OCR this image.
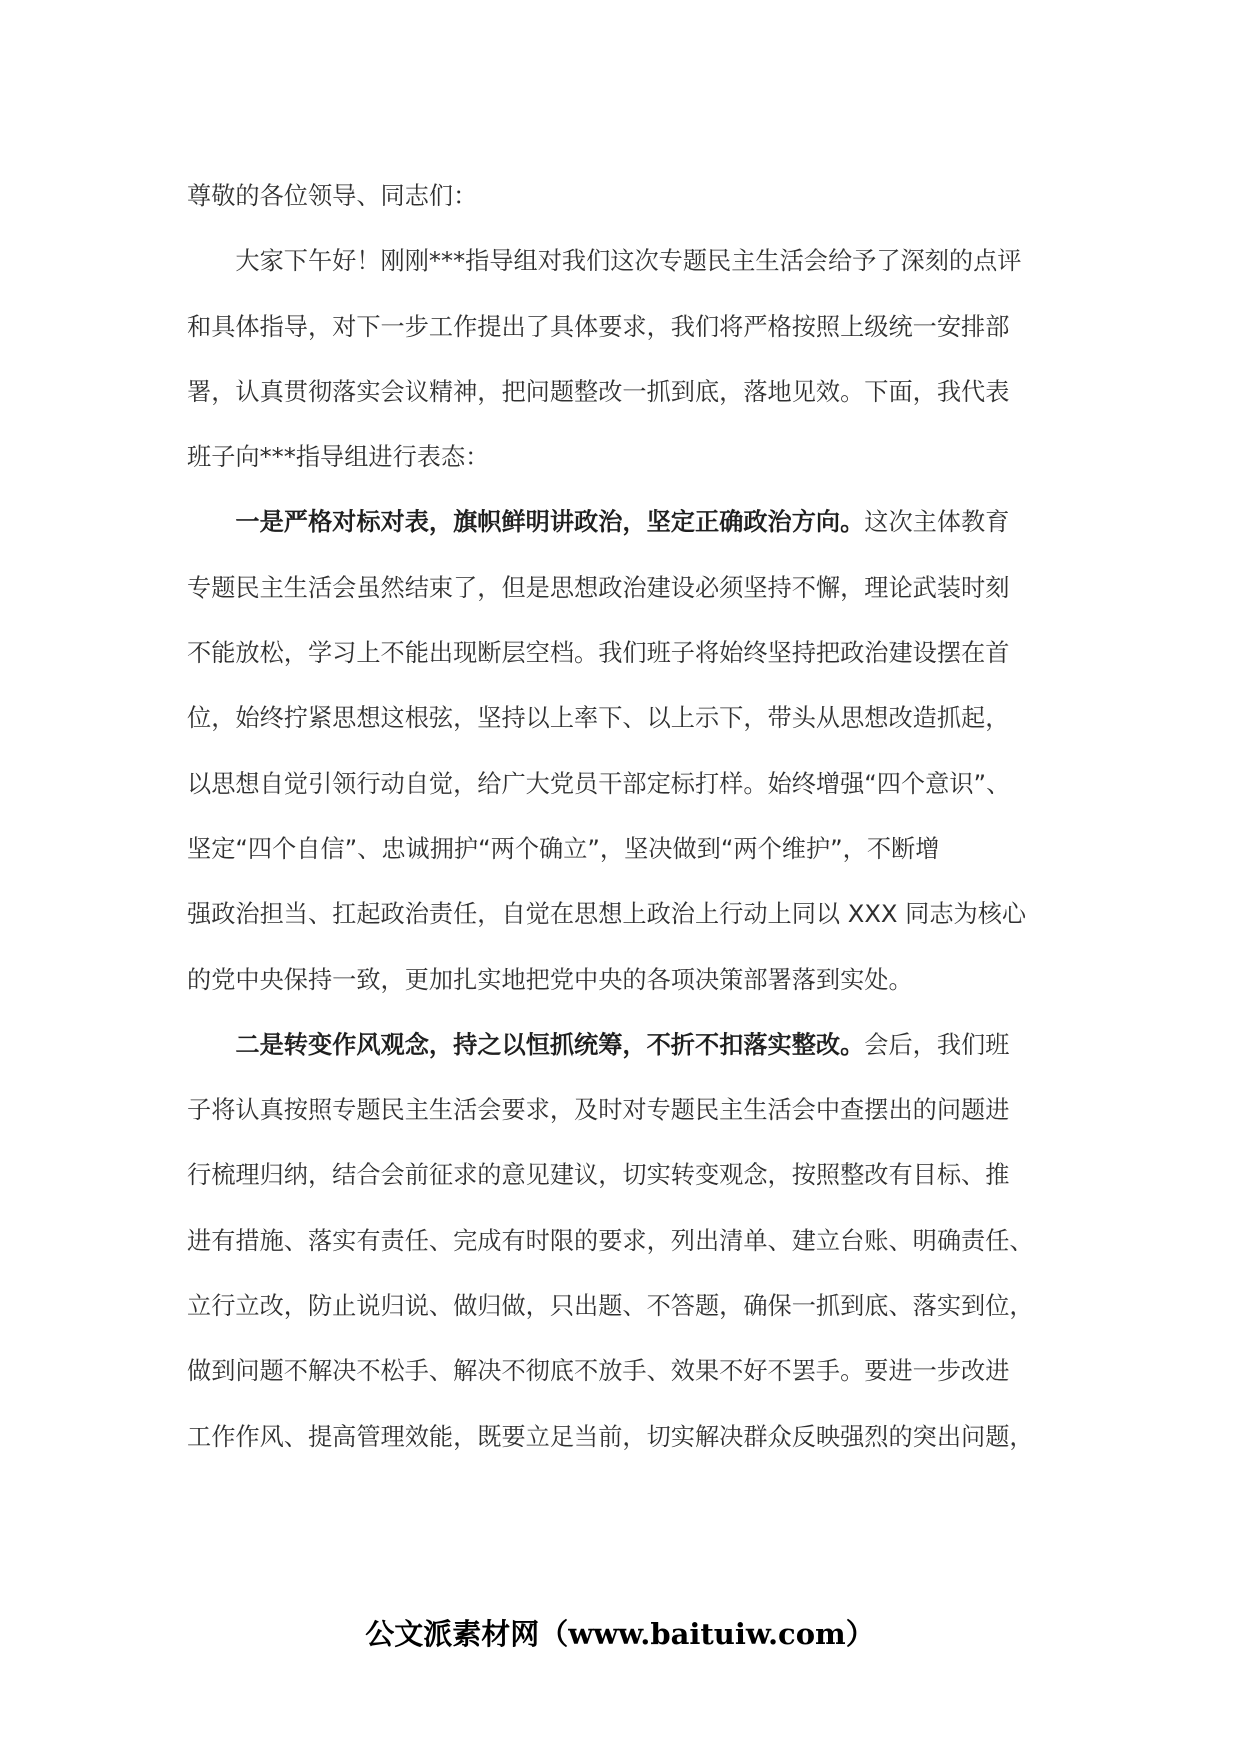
尊敬的各位领导、同志们：
大家下午好！刚刚***指导组对我们这次专题民主生活会给予了深刻的点评
和具体指导，对下一步工作提出了具体要求，我们将严格按照上级统一安排部
署，认真贯彻落实会议精神，把问题整改一抓到底，落地见效。下面，我代表
班子向***指导组进行表态：
一是严格对标对表，旗帜鲜明讲政治，坚定正确政治方向。这次主体教育
专题民主生活会虽然结束了，但是思想政治建设必须坚持不懈，理论武装时刻
不能放松，学习上不能出现断层空档。我们班子将始终坚持把政治建设摆在首
位，始终拧紧思想这根弦，坚持以上率下、以上示下，带头从思想改造抓起，
以思想自觉引领行动自觉，给广大党员干部定标打样。始终增强“四个意识”、
坚定“四个自信”、忠诚拥护“两个确立”，坚决做到“两个维护”，不断增
强政治担当、扛起政治责任，自觉在思想上政治上行动上同以 XXX 同志为核心
的党中央保持一致，更加扎实地把党中央的各项决策部署落到实处。
二是转变作风观念，持之以恒抓统筹，不折不扣落实整改。会后，我们班
子将认真按照专题民主生活会要求，及时对专题民主生活会中查摆出的问题进
行梳理归纳，结合会前征求的意见建议，切实转变观念，按照整改有目标、推
进有措施、落实有责任、完成有时限的要求，列出清单、建立台账、明确责任、
立行立改，防止说归说、做归做，只出题、不答题，确保一抓到底、落实到位，
做到问题不解决不松手、解决不彻底不放手、效果不好不罢手。要进一步改进
工作作风、提高管理效能，既要立足当前，切实解决群众反映强烈的突出问题，
公文派素材网（www.baituiw.com）
